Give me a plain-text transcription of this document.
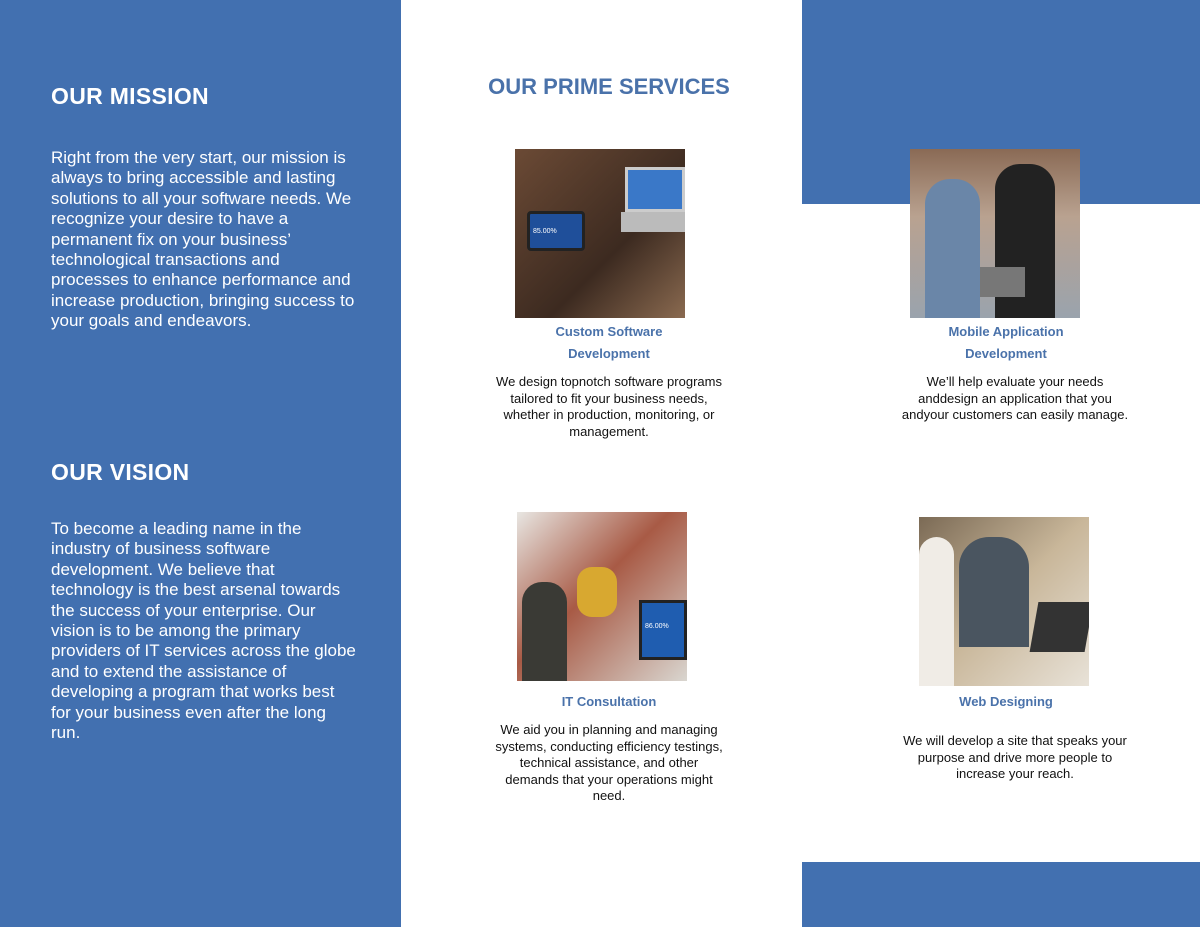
OUR MISSION
Right from the very start, our mission is
always to bring accessible and lasting
solutions to all your software needs. We
recognize your desire to have a
permanent fix on your business’
technological transactions and
processes to enhance performance and
increase production, bringing success to
your goals and endeavors.
OUR VISION
To become a leading name in the
industry of business software
development. We believe that
technology is the best arsenal towards
the success of your enterprise. Our
vision is to be among the primary
providers of IT services across the globe
and to extend the assistance of
developing a program that works best
for your business even after the long
run.
OUR PRIME SERVICES
85.00%
Custom Software
Development
We design topnotch software programs
tailored to fit your business needs,
whether in production, monitoring, or
management.
Mobile Application
Development
We’ll help evaluate your needs
anddesign an application that you
andyour customers can easily manage.
86.00%
IT Consultation
We aid you in planning and managing
systems, conducting efficiency testings,
technical assistance, and other
demands that your operations might
need.
Web Designing
We will develop a site that speaks your
purpose and drive more people to
increase your reach.
